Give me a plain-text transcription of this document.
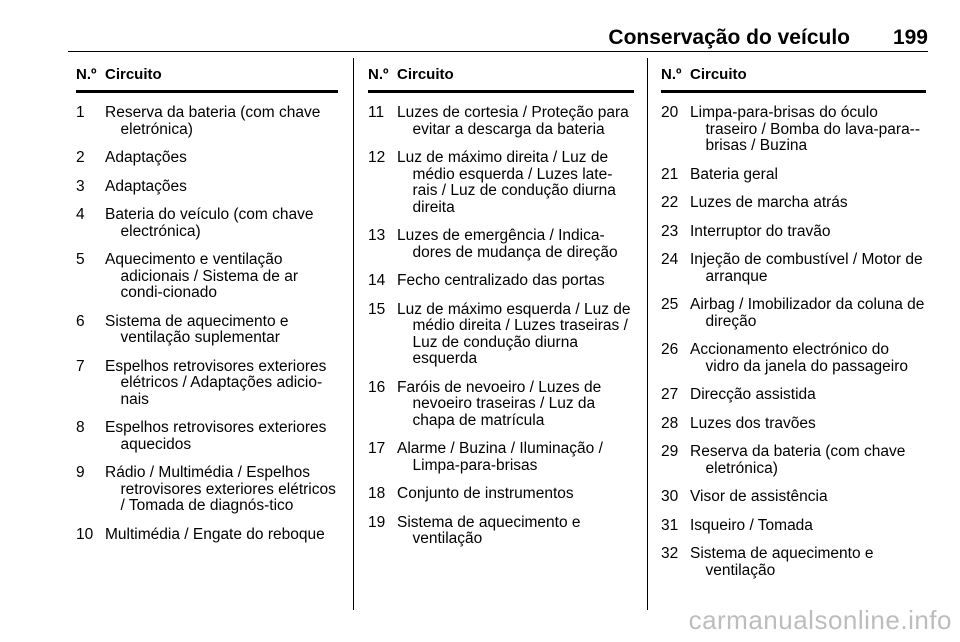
Conservação do veículo 199
N.º Circuito
1	Reserva da bateria (com chave eletrónica)
2	Adaptações
3	Adaptações
4	Bateria do veículo (com chave electrónica)
5	Aquecimento e ventilação adicionais / Sistema de ar condi-cionado
6	Sistema de aquecimento e ventilação suplementar
7	Espelhos retrovisores exteriores elétricos / Adaptações adicio-nais
8	Espelhos retrovisores exteriores aquecidos
9	Rádio / Multimédia / Espelhos retrovisores exteriores elétricos / Tomada de diagnós-tico
10 Multimédia / Engate do reboque
N.º Circuito
11 Luzes de cortesia / Proteção para evitar a descarga da bateria
12 Luz de máximo direita / Luz de médio esquerda / Luzes late-rais / Luz de condução diurna direita
13 Luzes de emergência / Indica-dores de mudança de direção
14 Fecho centralizado das portas
15 Luz de máximo esquerda / Luz de médio direita / Luzes traseiras / Luz de condução diurna esquerda
16 Faróis de nevoeiro / Luzes de nevoeiro traseiras / Luz da chapa de matrícula
17 Alarme / Buzina / Iluminação / Limpa-para-brisas
18 Conjunto de instrumentos
19 Sistema de aquecimento e ventilação
N.º Circuito
20 Limpa-para-brisas do óculo traseiro / Bomba do lava-para--brisas / Buzina
21 Bateria geral
22 Luzes de marcha atrás
23 Interruptor do travão
24 Injeção de combustível / Motor de arranque
25 Airbag / Imobilizador da coluna de direção
26 Accionamento electrónico do vidro da janela do passageiro
27 Direcção assistida
28 Luzes dos travões
29 Reserva da bateria (com chave eletrónica)
30 Visor de assistência
31 Isqueiro / Tomada
32 Sistema de aquecimento e ventilação
carmanualsonline.info
